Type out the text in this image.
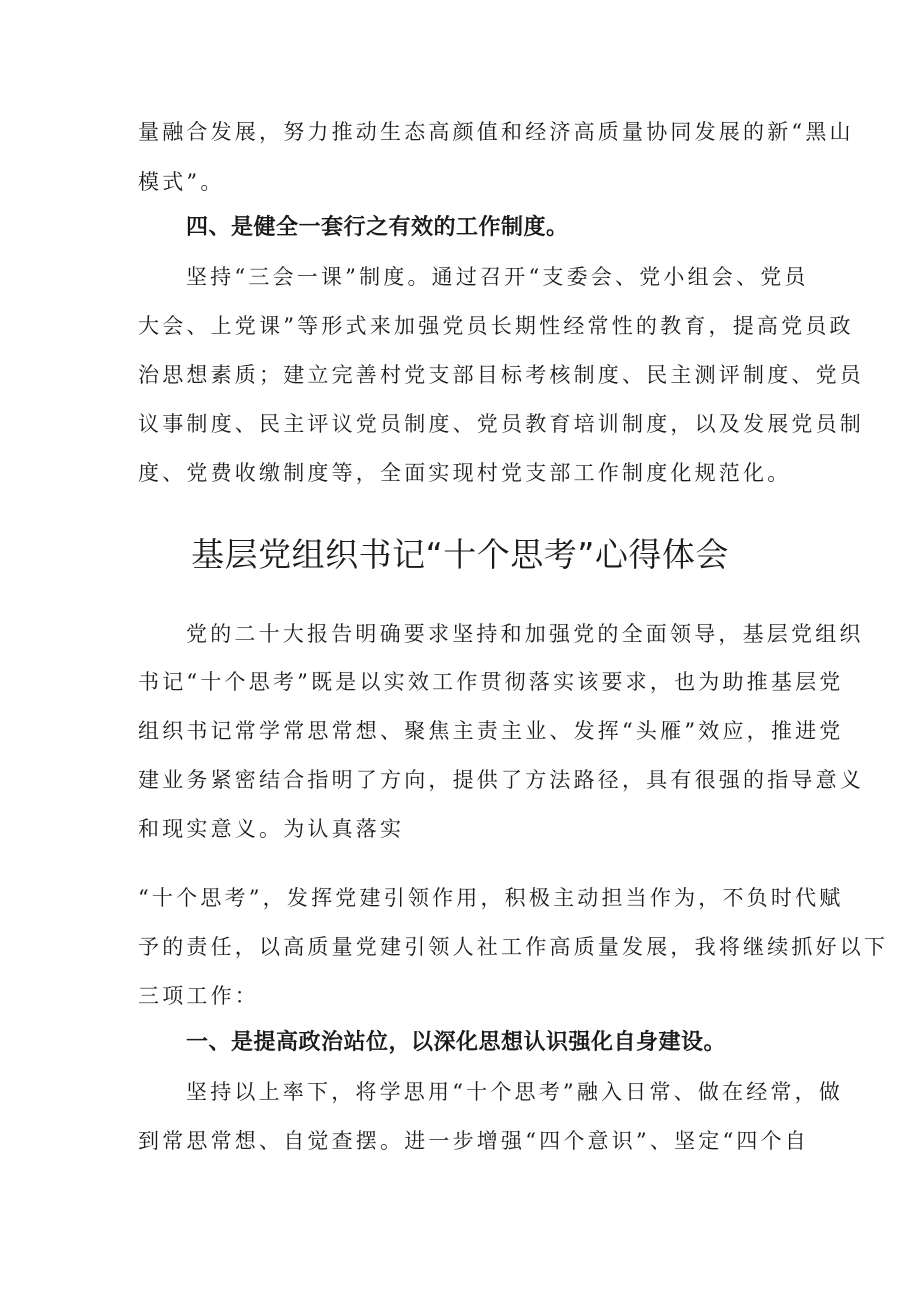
量融合发展，努力推动生态高颜值和经济高质量协同发展的新“黑山
模式”。
四、是健全一套行之有效的工作制度。
坚持“三会一课”制度。通过召开“支委会、党小组会、党员
大会、上党课”等形式来加强党员长期性经常性的教育，提高党员政
治思想素质；建立完善村党支部目标考核制度、民主测评制度、党员
议事制度、民主评议党员制度、党员教育培训制度，以及发展党员制
度、党费收缴制度等，全面实现村党支部工作制度化规范化。
基层党组织书记“十个思考”心得体会
党的二十大报告明确要求坚持和加强党的全面领导，基层党组织
书记“十个思考”既是以实效工作贯彻落实该要求，也为助推基层党
组织书记常学常思常想、聚焦主责主业、发挥“头雁”效应，推进党
建业务紧密结合指明了方向，提供了方法路径，具有很强的指导意义
和现实意义。为认真落实
“十个思考”，发挥党建引领作用，积极主动担当作为，不负时代赋
予的责任，以高质量党建引领人社工作高质量发展，我将继续抓好以下
三项工作：
一、是提高政治站位，以深化思想认识强化自身建设。
坚持以上率下，将学思用“十个思考”融入日常、做在经常，做
到常思常想、自觉查摆。进一步增强“四个意识”、坚定“四个自
